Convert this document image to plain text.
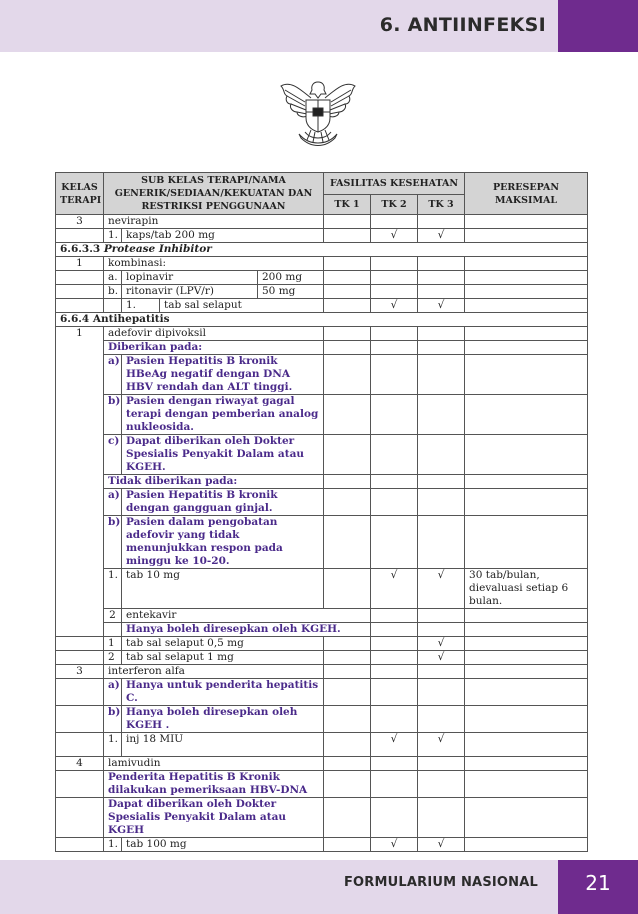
6. ANTIINFEKSI
KELAS TERAPI	SUB KELAS TERAPI/NAMA GENERIK/SEDIAAN/KEKUATAN DAN RESTRIKSI PENGGUNAAN				FASILITAS KESEHATAN			PERESEPAN MAKSIMAL	
					TK 1	TK 2	TK 3		
3	nevirapin								
	1.	kaps/tab 200 mg				√	√		
6.6.3.3 Protease Inhibitor									
1	kombinasi:								
	a.	lopinavir		200 mg					
	b.	ritonavir (LPV/r)		50 mg					
		1.	tab sal selaput			√	√		
6.6.4 Antihepatitis									
1	adefovir dipivoksil								
	Diberikan pada:								
	a)	Pasien Hepatitis B kronik HBeAg negatif dengan DNA HBV rendah dan ALT tinggi.							
	b)	Pasien dengan riwayat gagal terapi dengan pemberian analog nukleosida.							
	c)	Dapat diberikan oleh Dokter Spesialis Penyakit Dalam atau KGEH.							
	Tidak diberikan pada:								
	a)	Pasien Hepatitis B kronik dengan gangguan ginjal.							
	b)	Pasien dalam pengobatan adefovir yang tidak menunjukkan respon pada minggu ke 10-20.							
	1.	tab 10 mg				√	√	30 tab/bulan, dievaluasi setiap 6 bulan.	
	2	entekavir							
		Hanya boleh diresepkan oleh KGEH.							
	1	tab sal selaput 0,5 mg					√		
	2	tab sal selaput 1 mg					√		
3	interferon alfa								
	a)	Hanya untuk penderita hepatitis C.							
	b)	Hanya boleh diresepkan oleh KGEH .							
	1.	inj 18 MIU				√	√		
4	lamivudin								
	Penderita Hepatitis B Kronik dilakukan pemeriksaan HBV-DNA								
	Dapat diberikan oleh Dokter Spesialis Penyakit Dalam atau KGEH								
	1.	tab 100 mg				√	√		
FORMULARIUM NASIONAL	21
